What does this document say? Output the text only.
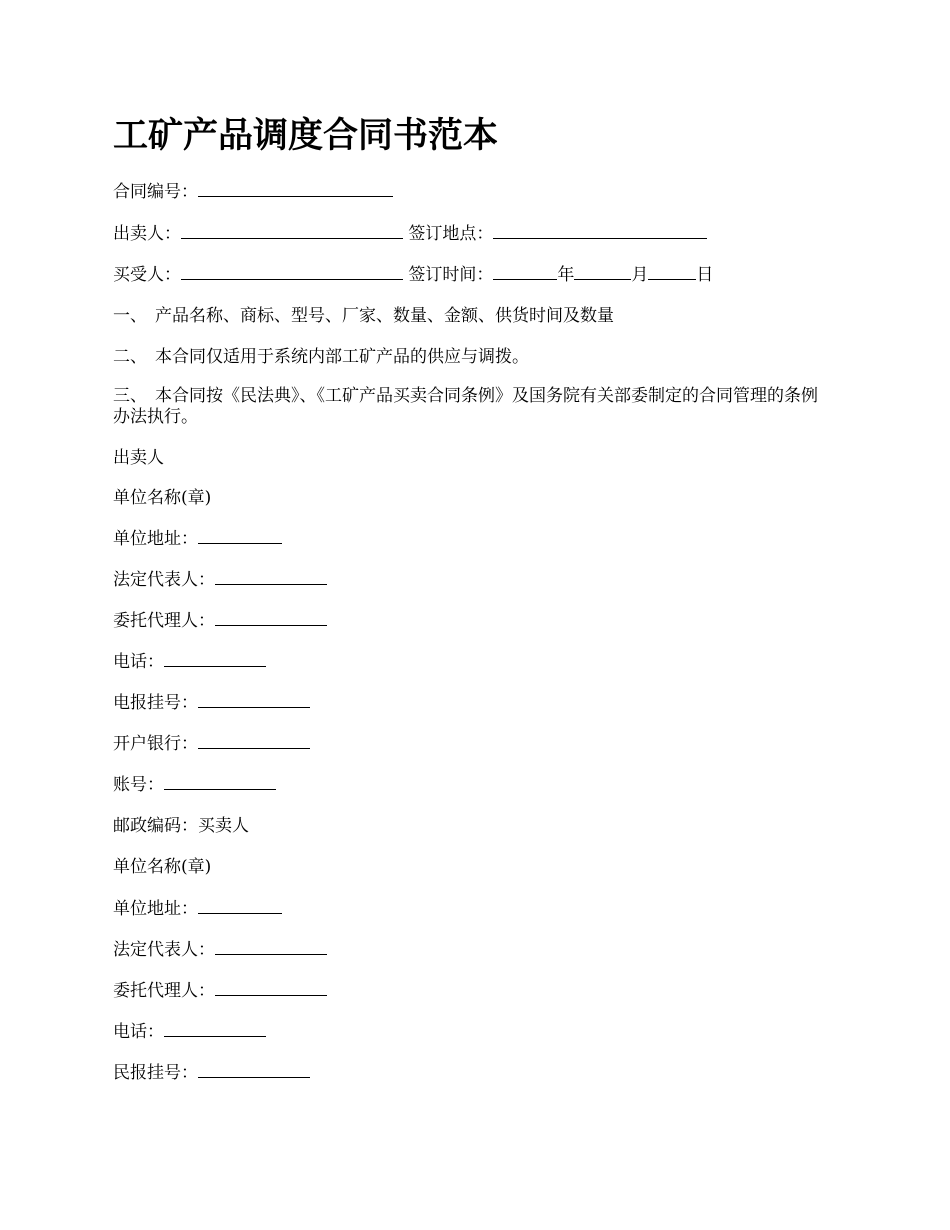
工矿产品调度合同书范本
合同编号：
出卖人：	签订地点：
买受人：	签订时间：	年	月	日
一、 产品名称、商标、型号、厂家、数量、金额、供货时间及数量
二、 本合同仅适用于系统内部工矿产品的供应与调拨。
三、 本合同按《民法典》、《工矿产品买卖合同条例》及国务院有关部委制定的合同管理的条例办法执行。
出卖人
单位名称(章)
单位地址：
法定代表人：
委托代理人：
电话：
电报挂号：
开户银行：
账号：
邮政编码：买卖人
单位名称(章)
单位地址：
法定代表人：
委托代理人：
电话：
民报挂号：
